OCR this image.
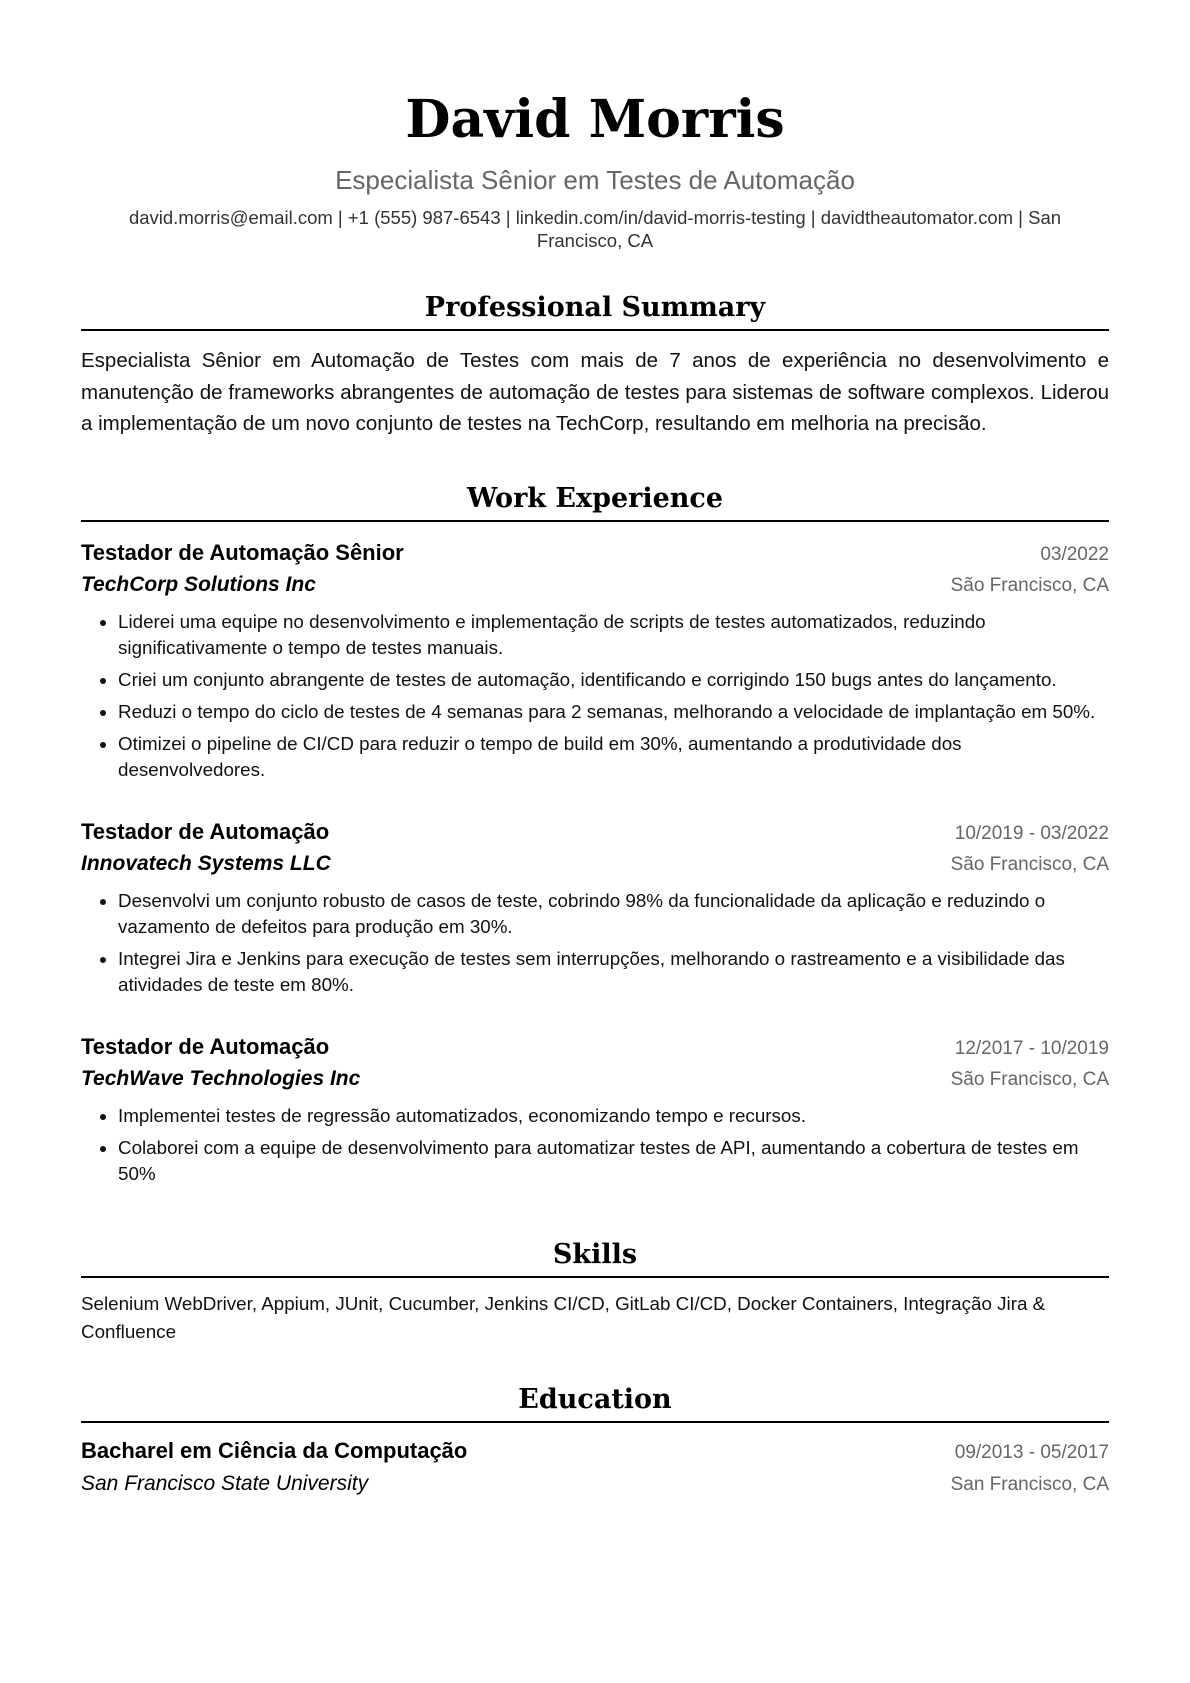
David Morris
Especialista Sênior em Testes de Automação
david.morris@email.com | +1 (555) 987-6543 | linkedin.com/in/david-morris-testing | davidtheautomator.com | San Francisco, CA
Professional Summary
Especialista Sênior em Automação de Testes com mais de 7 anos de experiência no desenvolvimento e manutenção de frameworks abrangentes de automação de testes para sistemas de software complexos. Liderou a implementação de um novo conjunto de testes na TechCorp, resultando em melhoria na precisão.
Work Experience
Testador de Automação Sênior	03/2022
TechCorp Solutions Inc	São Francisco, CA
• Liderei uma equipe no desenvolvimento e implementação de scripts de testes automatizados, reduzindo significativamente o tempo de testes manuais.
• Criei um conjunto abrangente de testes de automação, identificando e corrigindo 150 bugs antes do lançamento.
• Reduzi o tempo do ciclo de testes de 4 semanas para 2 semanas, melhorando a velocidade de implantação em 50%.
• Otimizei o pipeline de CI/CD para reduzir o tempo de build em 30%, aumentando a produtividade dos desenvolvedores.
Testador de Automação	10/2019 - 03/2022
Innovatech Systems LLC	São Francisco, CA
• Desenvolvi um conjunto robusto de casos de teste, cobrindo 98% da funcionalidade da aplicação e reduzindo o vazamento de defeitos para produção em 30%.
• Integrei Jira e Jenkins para execução de testes sem interrupções, melhorando o rastreamento e a visibilidade das atividades de teste em 80%.
Testador de Automação	12/2017 - 10/2019
TechWave Technologies Inc	São Francisco, CA
• Implementei testes de regressão automatizados, economizando tempo e recursos.
• Colaborei com a equipe de desenvolvimento para automatizar testes de API, aumentando a cobertura de testes em 50%
Skills
Selenium WebDriver, Appium, JUnit, Cucumber, Jenkins CI/CD, GitLab CI/CD, Docker Containers, Integração Jira & Confluence
Education
Bacharel em Ciência da Computação	09/2013 - 05/2017
San Francisco State University	San Francisco, CA
